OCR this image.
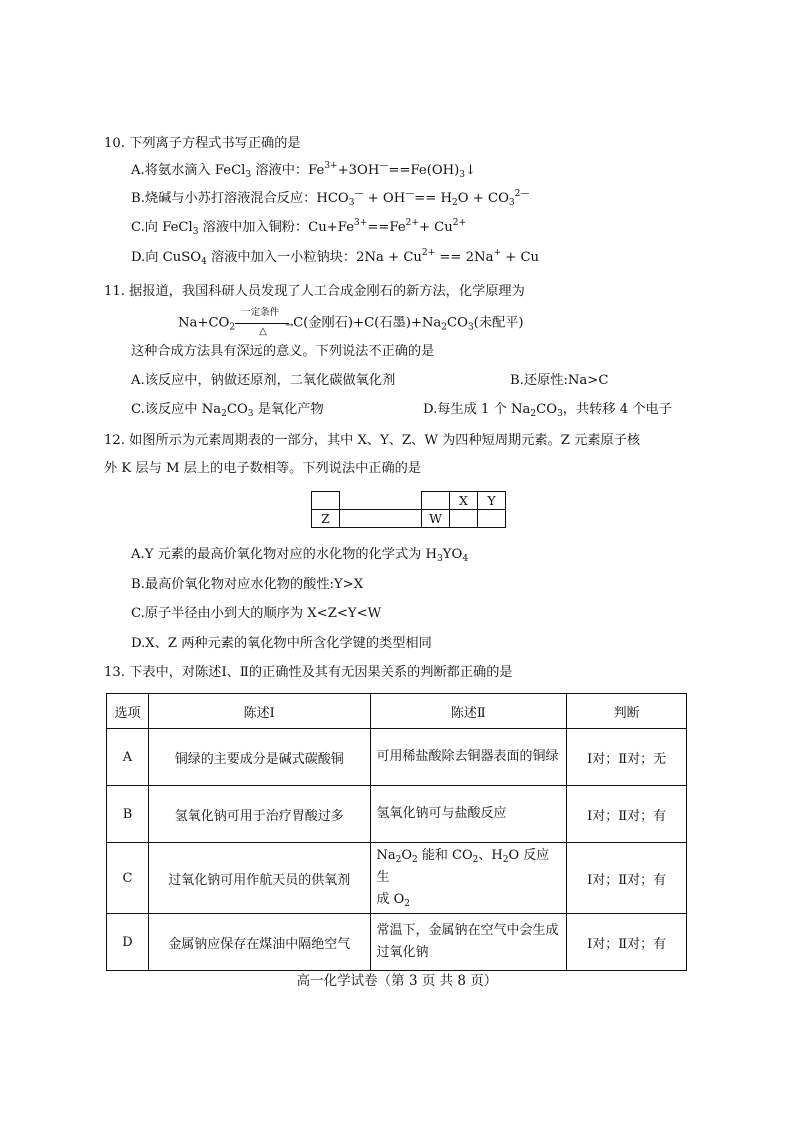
10. 下列离子方程式书写正确的是
A.将氨水滴入 FeCl$_3$ 溶液中：$Fe^{3+}+3OH^—==Fe(OH)_3↓$
B.烧碱与小苏打溶液混合反应：$HCO_3^— + OH^—== H_2O + CO_3^{2—}$
C.向 FeCl$_3$ 溶液中加入铜粉：$Cu+Fe^{3+}==Fe^{2+}+ Cu^{2+}$
D.向 CuSO$_4$ 溶液中加入一小粒钠块：$2Na + Cu^{2+} == 2Na^+ + Cu$
11. 据报道，我国科研人员发现了人工合成金刚石的新方法，化学原理为
$Na+CO_2$
一定条件
→
△
C(金刚石)+C(石墨)$+Na_2CO_3$(未配平)
这种合成方法具有深远的意义。下列说法不正确的是
A.该反应中，钠做还原剂，二氧化碳做氧化剂	B.还原性:Na>C
C.该反应中 $Na_2CO_3$ 是氧化产物	D.每生成 1 个 $Na_2CO_3$，共转移 4 个电子
12. 如图所示为元素周期表的一部分，其中 X、Y、Z、W 为四种短周期元素。Z 元素原子核
外 K 层与 M 层上的电子数相等。下列说法中正确的是
					X	Y
Z				W		
A.Y 元素的最高价氧化物对应的水化物的化学式为 $H_3YO_4$
B.最高价氧化物对应水化物的酸性:Y>X
C.原子半径由小到大的顺序为 X<Z<Y<W
D.X、Z 两种元素的氧化物中所含化学键的类型相同
13. 下表中，对陈述Ⅰ、Ⅱ的正确性及其有无因果关系的判断都正确的是
选项	陈述Ⅰ	陈述Ⅱ	判断
A	铜绿的主要成分是碱式碳酸铜	可用稀盐酸除去铜器表面的铜绿	Ⅰ对；Ⅱ对；无
B	氢氧化钠可用于治疗胃酸过多	氢氧化钠可与盐酸反应	Ⅰ对；Ⅱ对；有
C	过氧化钠可用作航天员的供氧剂	$Na_2O_2$ 能和 $CO_2$、$H_2O$ 反应生
成 $O_2$	Ⅰ对；Ⅱ对；有
D	金属钠应保存在煤油中隔绝空气	常温下，金属钠在空气中会生成过氧化钠	Ⅰ对；Ⅱ对；有
高一化学试卷（第 3 页 共 8 页）
